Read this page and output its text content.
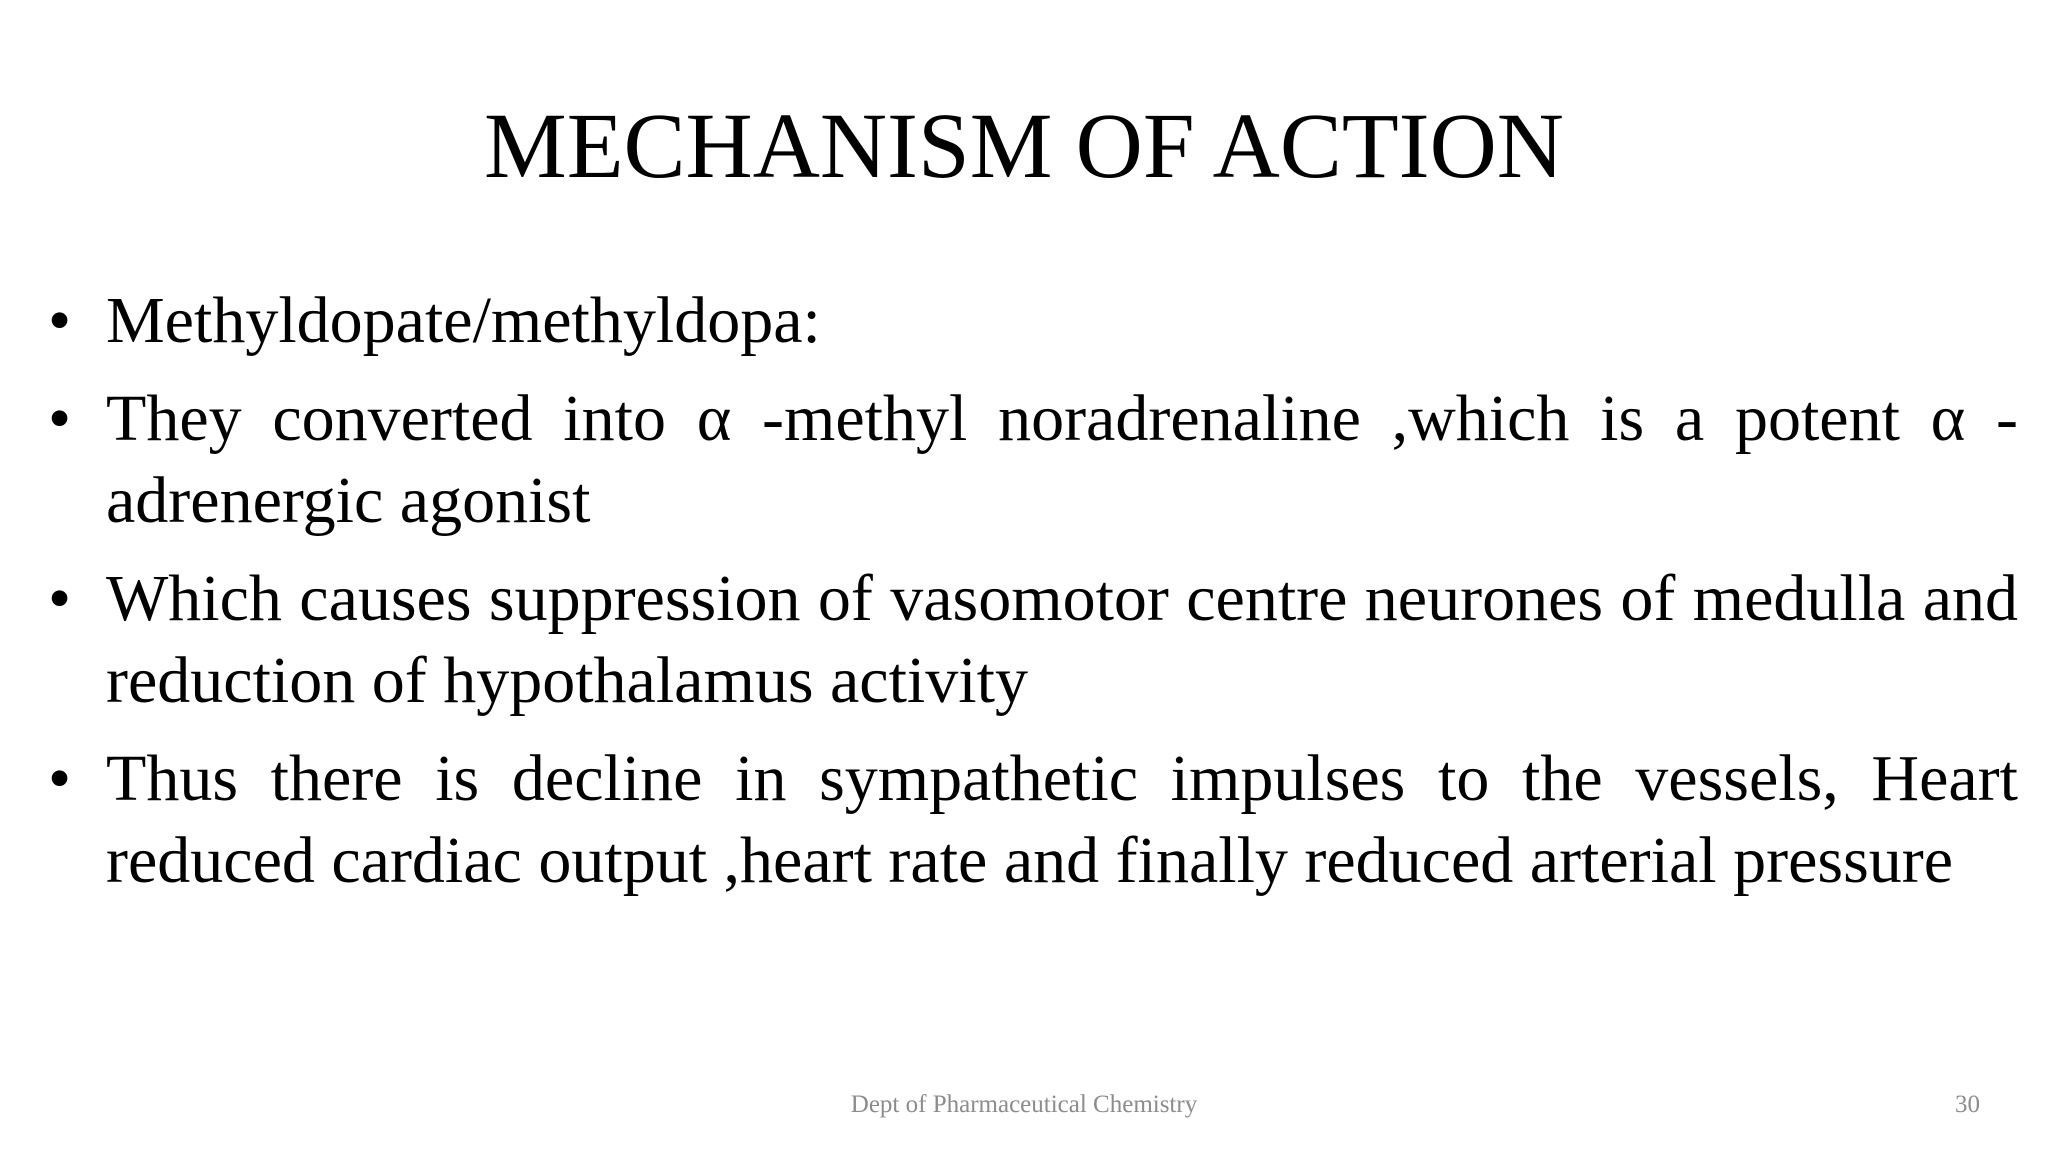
MECHANISM OF ACTION
• Methyldopate/methyldopa:
• They converted into α -methyl noradrenaline ,which is a potent α -adrenergic agonist
• Which causes suppression of vasomotor centre neurones of medulla and reduction of hypothalamus activity
• Thus there is decline in sympathetic impulses to the vessels, Heart reduced cardiac output ,heart rate and finally reduced arterial pressure
Dept of Pharmaceutical Chemistry	30
